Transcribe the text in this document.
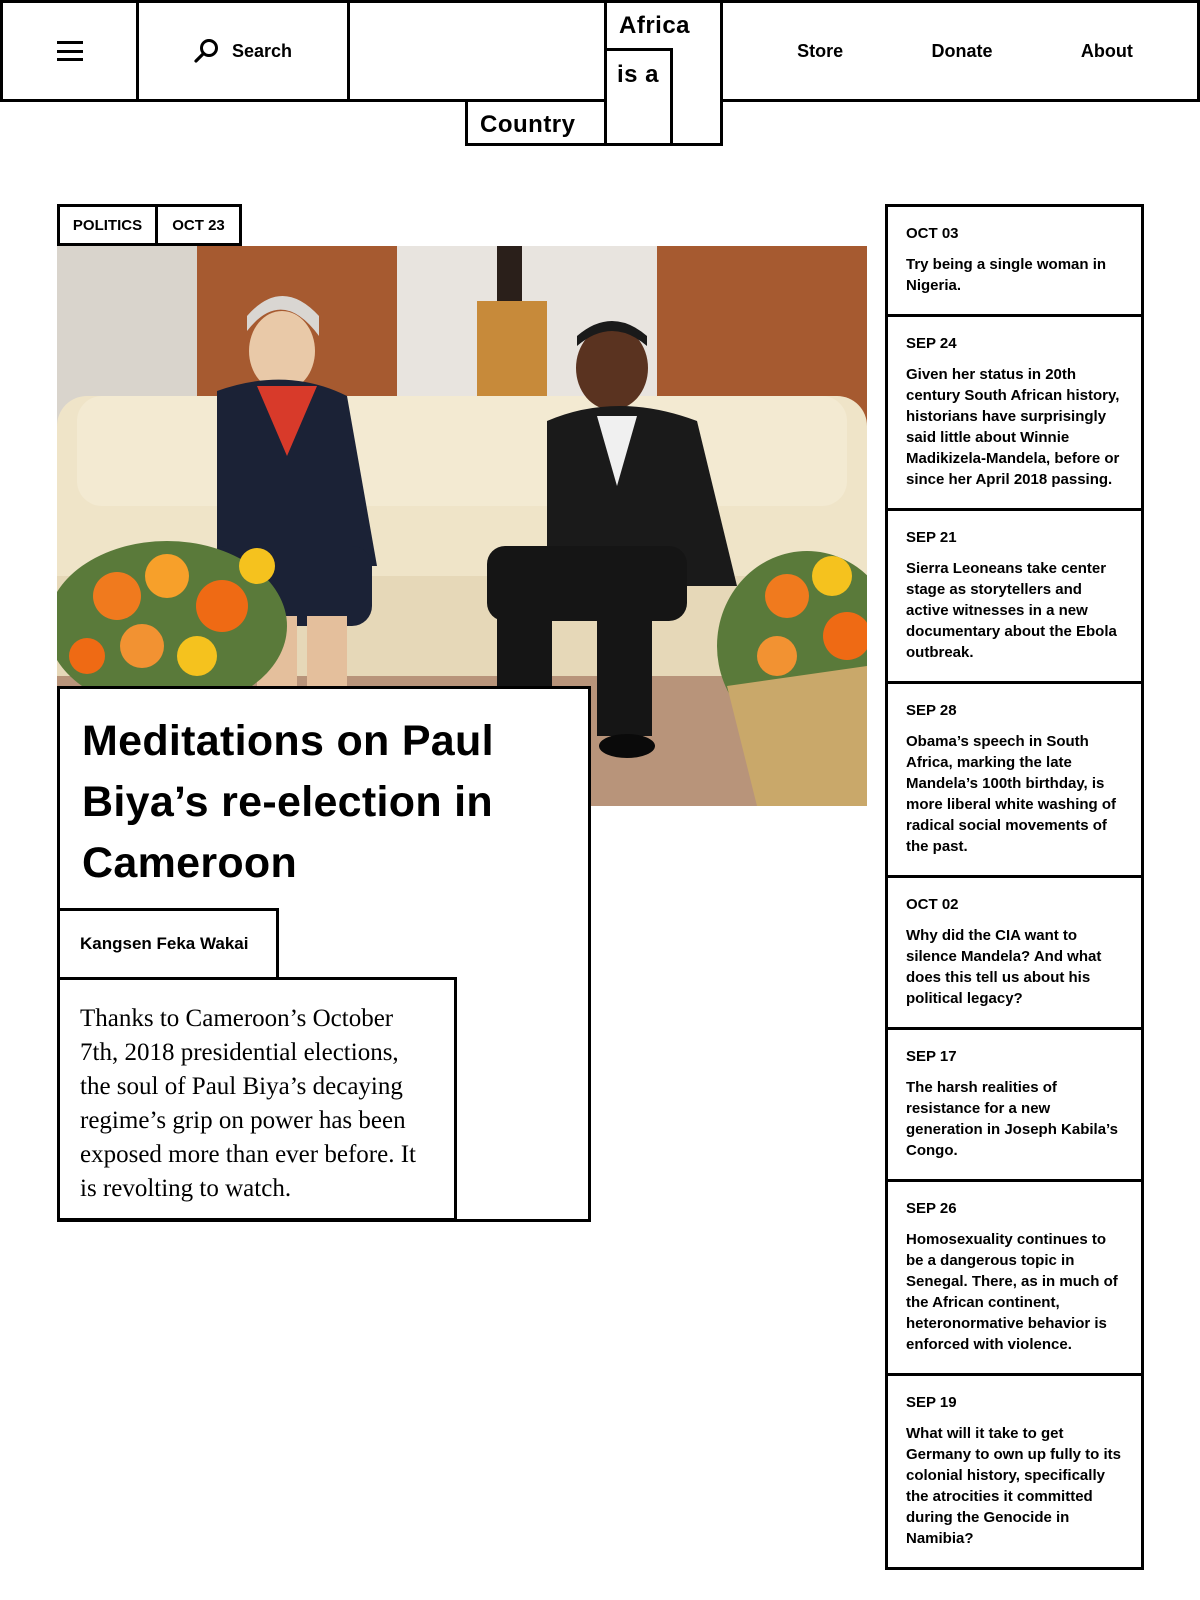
Search
Africa
is a
Country
Store	Donate	About
POLITICS	OCT 23
Meditations on Paul Biya’s re-election in Cameroon
Kangsen Feka Wakai
Thanks to Cameroon’s October 7th, 2018 presidential elections, the soul of Paul Biya’s decaying regime’s grip on power has been exposed more than ever before. It is revolting to watch.
OCT 03
Try being a single woman in Nigeria.
SEP 24
Given her status in 20th century South African history, historians have surprisingly said little about Winnie Madikizela-Mandela, before or since her April 2018 passing.
SEP 21
Sierra Leoneans take center stage as storytellers and active witnesses in a new documentary about the Ebola outbreak.
SEP 28
Obama’s speech in South Africa, marking the late Mandela’s 100th birthday, is more liberal white washing of radical social movements of the past.
OCT 02
Why did the CIA want to silence Mandela? And what does this tell us about his political legacy?
SEP 17
The harsh realities of resistance for a new generation in Joseph Kabila’s Congo.
SEP 26
Homosexuality continues to be a dangerous topic in Senegal. There, as in much of the African continent, heteronormative behavior is enforced with violence.
SEP 19
What will it take to get Germany to own up fully to its colonial history, specifically the atrocities it committed during the Genocide in Namibia?
